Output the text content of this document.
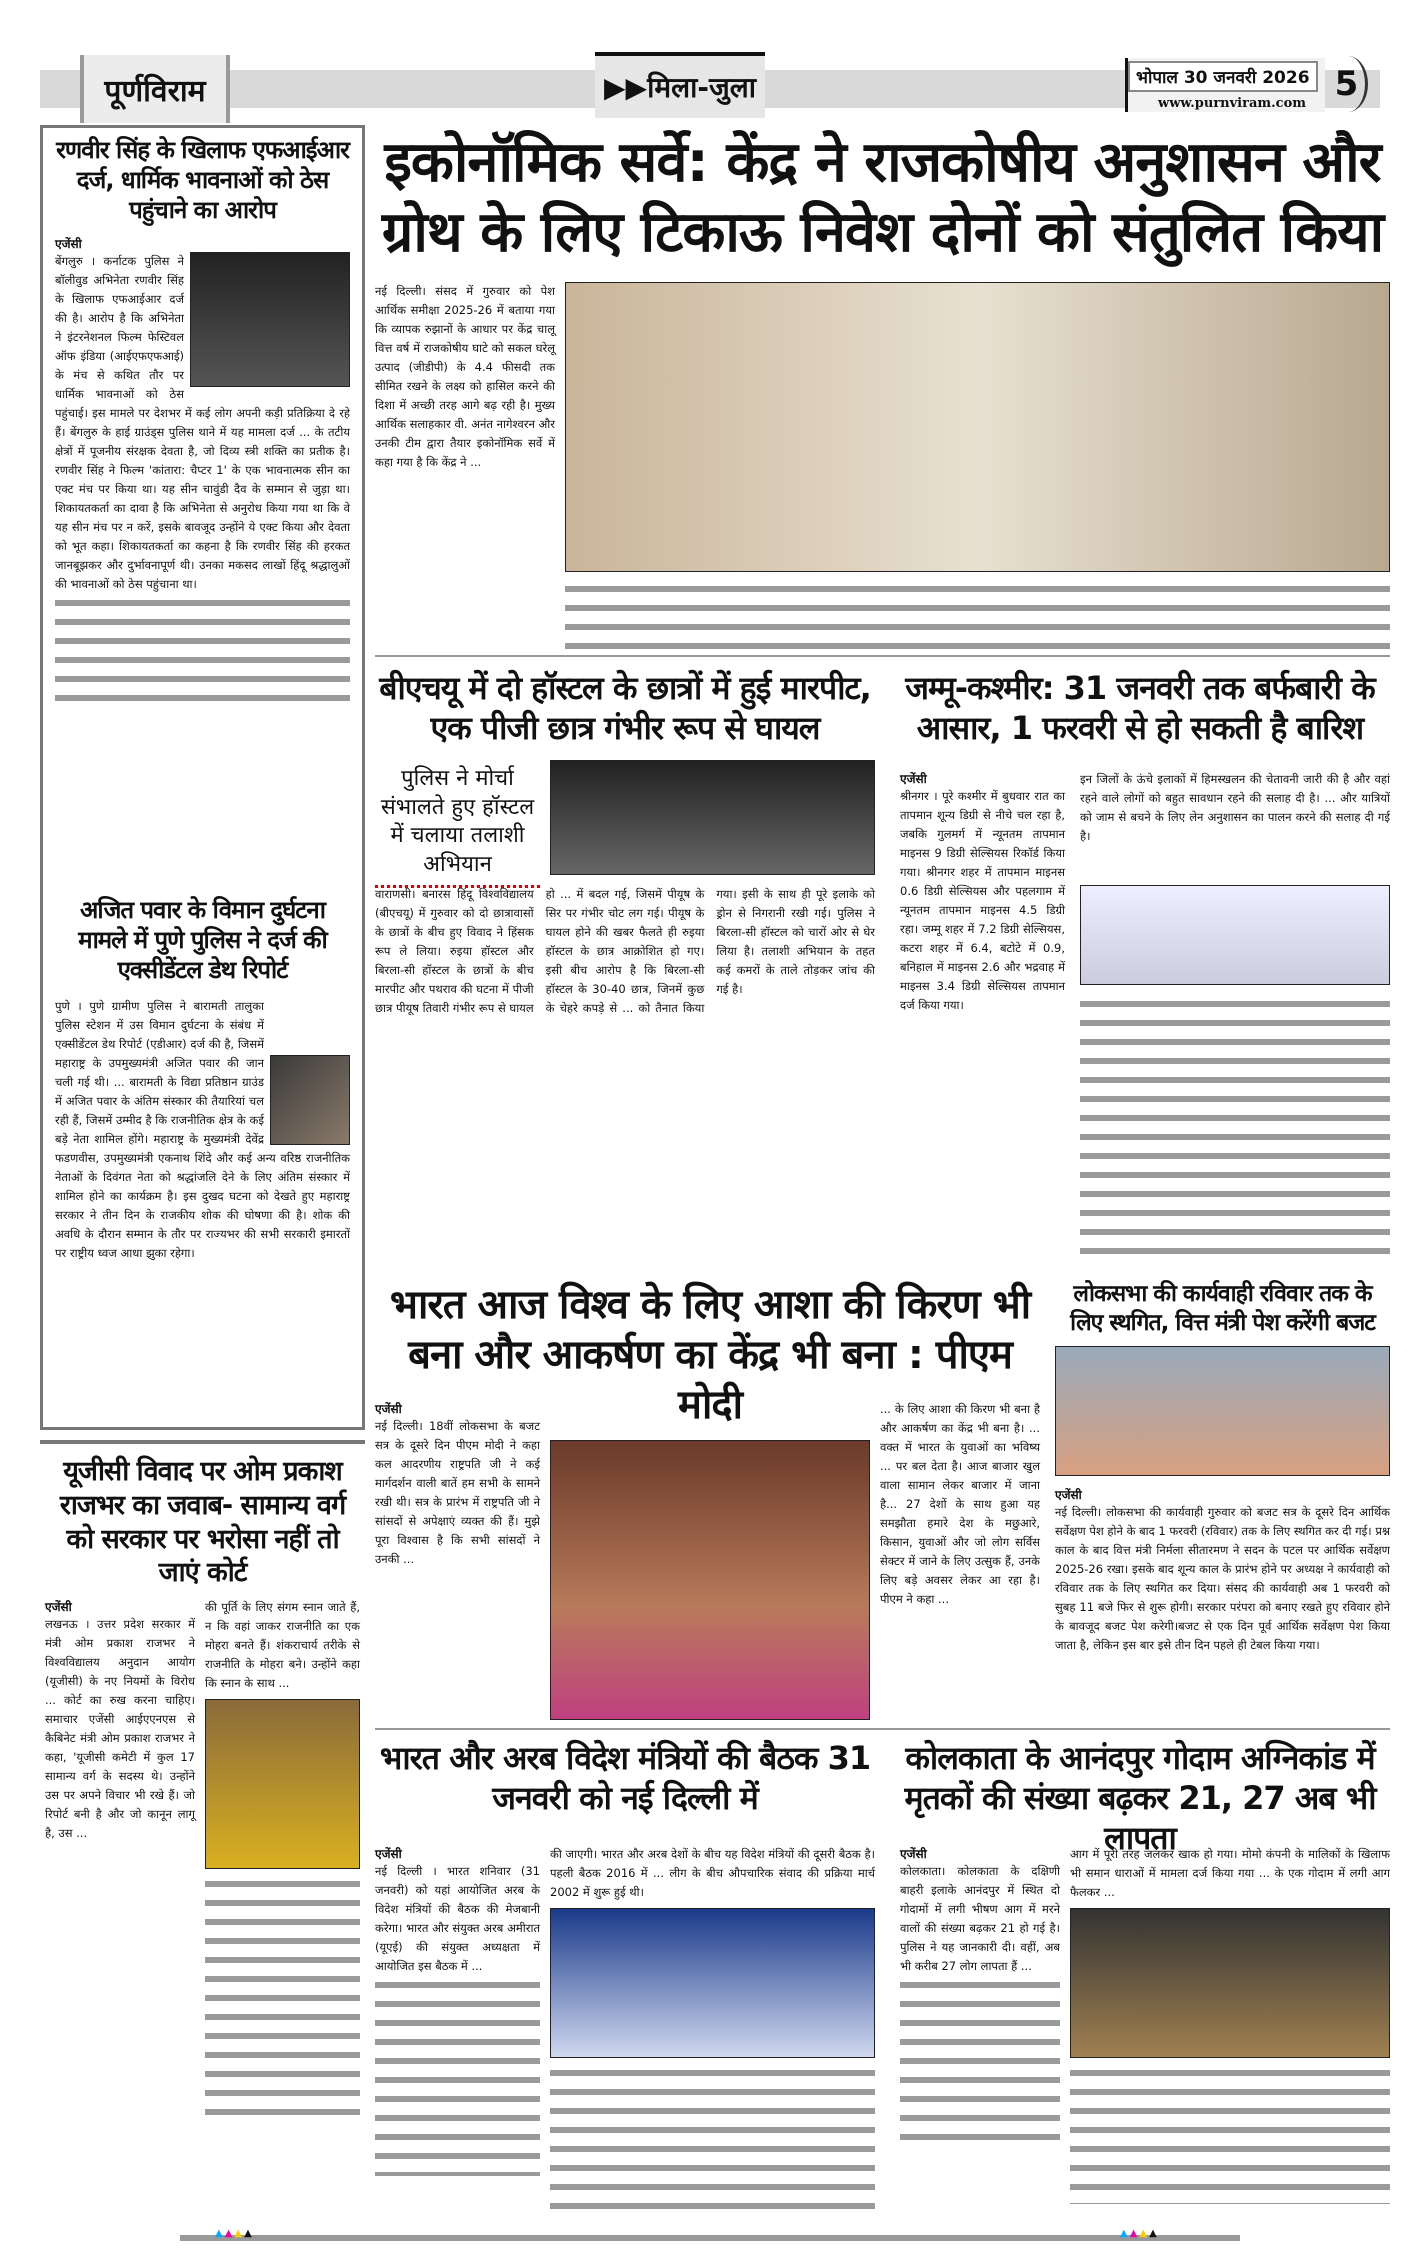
पूर्णविराम	▶▶ मिला-जुला	भोपाल 30 जनवरी 2026
www.purnviram.com 5
रणवीर सिंह के खिलाफ एफआईआर दर्ज, धार्मिक भावनाओं को ठेस पहुंचाने का आरोप
एजेंसी

बेंगलुरु । कर्नाटक पुलिस ने बॉलीवुड अभिनेता रणवीर सिंह के खिलाफ एफआईआर दर्ज की है। आरोप है कि अभिनेता ने इंटरनेशनल फिल्म फेस्टिवल ऑफ इंडिया (आईएफएफआई) के मंच से कथित तौर पर धार्मिक भावनाओं को ठेस पहुंचाई। इस मामले पर देशभर में कई लोग अपनी कड़ी प्रतिक्रिया दे रहे हैं। बेंगलुरु के हाई ग्राउंड्स पुलिस थाने में यह मामला दर्ज ... के तटीय क्षेत्रों में पूजनीय संरक्षक देवता है, जो दिव्य स्त्री शक्ति का प्रतीक है। रणवीर सिंह ने फिल्म 'कांतारा: चैप्टर 1' के एक भावनात्मक सीन का एक्ट मंच पर किया था। यह सीन चावुंडी दैव के सम्मान से जुड़ा था। शिकायतकर्ता का दावा है कि अभिनेता से अनुरोध किया गया था कि वे यह सीन मंच पर न करें, इसके बावजूद उन्होंने ये एक्ट किया और देवता को भूत कहा। शिकायतकर्ता का कहना है कि रणवीर सिंह की हरकत जानबूझकर और दुर्भावनापूर्ण थी। उनका मकसद लाखों हिंदू श्रद्धालुओं की भावनाओं को ठेस पहुंचाना था।

अजित पवार के विमान दुर्घटना मामले में पुणे पुलिस ने दर्ज की एक्सीडेंटल डेथ रिपोर्ट

पुणे । पुणे ग्रामीण पुलिस ने बारामती तालुका पुलिस स्टेशन में उस विमान दुर्घटना के संबंध में एक्सीडेंटल डेथ रिपोर्ट (एडीआर) दर्ज की है, जिसमें महाराष्ट्र के उपमुख्यमंत्री अजित पवार की जान चली गई थी। ... बारामती के विद्या प्रतिष्ठान ग्राउंड में अजित पवार के अंतिम संस्कार की तैयारियां चल रही हैं, जिसमें उम्मीद है कि राजनीतिक क्षेत्र के कई बड़े नेता शामिल होंगे। महाराष्ट्र के मुख्यमंत्री देवेंद्र फडणवीस, उपमुख्यमंत्री एकनाथ शिंदे और कई अन्य वरिष्ठ राजनीतिक नेताओं के दिवंगत नेता को श्रद्धांजलि देने के लिए अंतिम संस्कार में शामिल होने का कार्यक्रम है। इस दुखद घटना को देखते हुए महाराष्ट्र सरकार ने तीन दिन के राजकीय शोक की घोषणा की है। शोक की अवधि के दौरान सम्मान के तौर पर राज्यभर की सभी सरकारी इमारतों पर राष्ट्रीय ध्वज आधा झुका रहेगा।

यूजीसी विवाद पर ओम प्रकाश राजभर का जवाब- सामान्य वर्ग को सरकार पर भरोसा नहीं तो जाएं कोर्ट
एजेंसी

लखनऊ । उत्तर प्रदेश सरकार में मंत्री ओम प्रकाश राजभर ने विश्वविद्यालय अनुदान आयोग (यूजीसी) के नए नियमों के विरोध ... कोर्ट का रुख करना चाहिए। समाचार एजेंसी आईएएनएस से कैबिनेट मंत्री ओम प्रकाश राजभर ने कहा, 'यूजीसी कमेटी में कुल 17 सामान्य वर्ग के सदस्य थे। उन्होंने उस पर अपने विचार भी रखे हैं। जो रिपोर्ट बनी है और जो कानून लागू है, उस ...

की पूर्ति के लिए संगम स्नान जाते हैं, न कि वहां जाकर राजनीति का एक मोहरा बनते हैं। शंकराचार्य तरीके से राजनीति के मोहरा बने। उन्होंने कहा कि स्नान के साथ ...

इकोनॉमिक सर्वे: केंद्र ने राजकोषीय अनुशासन और ग्रोथ के लिए टिकाऊ निवेश दोनों को संतुलित किया

नई दिल्ली। संसद में गुरुवार को पेश आर्थिक समीक्षा 2025-26 में बताया गया कि व्यापक रुझानों के आधार पर केंद्र चालू वित्त वर्ष में राजकोषीय घाटे को सकल घरेलू उत्पाद (जीडीपी) के 4.4 फीसदी तक सीमित रखने के लक्ष्य को हासिल करने की दिशा में अच्छी तरह आगे बढ़ रही है। मुख्य आर्थिक सलाहकार वी. अनंत नागेश्वरन और उनकी टीम द्वारा तैयार इकोनॉमिक सर्वे में कहा गया है कि केंद्र ने ...

बीएचयू में दो हॉस्टल के छात्रों में हुई मारपीट, एक पीजी छात्र गंभीर रूप से घायल
पुलिस ने मोर्चा संभालते हुए हॉस्टल में चलाया तलाशी अभियान

वाराणसी। बनारस हिंदू विश्वविद्यालय (बीएचयू) में गुरुवार को दो छात्रावासों के छात्रों के बीच हुए विवाद ने हिंसक रूप ले लिया। रुइया हॉस्टल और बिरला-सी हॉस्टल के छात्रों के बीच मारपीट और पथराव की घटना में पीजी छात्र पीयूष तिवारी गंभीर रूप से घायल हो ... में बदल गई, जिसमें पीयूष के सिर पर गंभीर चोट लग गई। पीयूष के घायल होने की खबर फैलते ही रुइया हॉस्टल के छात्र आक्रोशित हो गए। इसी बीच आरोप है कि बिरला-सी हॉस्टल के 30-40 छात्र, जिनमें कुछ के चेहरे कपड़े से ... को तैनात किया गया। इसी के साथ ही पूरे इलाके को ड्रोन से निगरानी रखी गई। पुलिस ने बिरला-सी हॉस्टल को चारों ओर से घेर लिया है। तलाशी अभियान के तहत कई कमरों के ताले तोड़कर जांच की गई है।

जम्मू-कश्मीर: 31 जनवरी तक बर्फबारी के आसार, 1 फरवरी से हो सकती है बारिश
एजेंसी

श्रीनगर । पूरे कश्मीर में बुधवार रात का तापमान शून्य डिग्री से नीचे चल रहा है, जबकि गुलमर्ग में न्यूनतम तापमान माइनस 9 डिग्री सेल्सियस रिकॉर्ड किया गया। श्रीनगर शहर में तापमान माइनस 0.6 डिग्री सेल्सियस और पहलगाम में न्यूनतम तापमान माइनस 4.5 डिग्री रहा। जम्मू शहर में 7.2 डिग्री सेल्सियस, कटरा शहर में 6.4, बटोटे में 0.9, बनिहाल में माइनस 2.6 और भद्रवाह में माइनस 3.4 डिग्री सेल्सियस तापमान दर्ज किया गया।

इन जिलों के ऊंचे इलाकों में हिमस्खलन की चेतावनी जारी की है और वहां रहने वाले लोगों को बहुत सावधान रहने की सलाह दी है। ... और यात्रियों को जाम से बचने के लिए लेन अनुशासन का पालन करने की सलाह दी गई है।

भारत आज विश्व के लिए आशा की किरण भी बना और आकर्षण का केंद्र भी बना : पीएम मोदी
एजेंसी

नई दिल्ली। 18वीं लोकसभा के बजट सत्र के दूसरे दिन पीएम मोदी ने कहा कल आदरणीय राष्ट्रपति जी ने कई मार्गदर्शन वाली बातें हम सभी के सामने रखी थी। सत्र के प्रारंभ में राष्ट्रपति जी ने सांसदों से अपेक्षाएं व्यक्त की हैं। मुझे पूरा विश्वास है कि सभी सांसदों ने उनकी ...

... के लिए आशा की किरण भी बना है और आकर्षण का केंद्र भी बना है। ... वक्त में भारत के युवाओं का भविष्य ... पर बल देता है। आज बाजार खुल वाला सामान लेकर बाजार में जाना है... 27 देशों के साथ हुआ यह समझौता हमारे देश के मछुआरे, किसान, युवाओं और जो लोग सर्विस सेक्टर में जाने के लिए उत्सुक हैं, उनके लिए बड़े अवसर लेकर आ रहा है। पीएम ने कहा ...

लोकसभा की कार्यवाही रविवार तक के लिए स्थगित, वित्त मंत्री पेश करेंगी बजट
एजेंसी

नई दिल्ली। लोकसभा की कार्यवाही गुरुवार को बजट सत्र के दूसरे दिन आर्थिक सर्वेक्षण पेश होने के बाद 1 फरवरी (रविवार) तक के लिए स्थगित कर दी गई। प्रश्न काल के बाद वित्त मंत्री निर्मला सीतारमण ने सदन के पटल पर आर्थिक सर्वेक्षण 2025-26 रखा। इसके बाद शून्य काल के प्रारंभ होने पर अध्यक्ष ने कार्यवाही को रविवार तक के लिए स्थगित कर दिया। संसद की कार्यवाही अब 1 फरवरी को सुबह 11 बजे फिर से शुरू होगी। सरकार परंपरा को बनाए रखते हुए रविवार होने के बावजूद बजट पेश करेगी।बजट से एक दिन पूर्व आर्थिक सर्वेक्षण पेश किया जाता है, लेकिन इस बार इसे तीन दिन पहले ही टेबल किया गया।

भारत और अरब विदेश मंत्रियों की बैठक 31 जनवरी को नई दिल्ली में
एजेंसी

नई दिल्ली । भारत शनिवार (31 जनवरी) को यहां आयोजित अरब के विदेश मंत्रियों की बैठक की मेजबानी करेगा। भारत और संयुक्त अरब अमीरात (यूएई) की संयुक्त अध्यक्षता में आयोजित इस बैठक में ...

की जाएगी। भारत और अरब देशों के बीच यह विदेश मंत्रियों की दूसरी बैठक है। पहली बैठक 2016 में ... लीग के बीच औपचारिक संवाद की प्रक्रिया मार्च 2002 में शुरू हुई थी।

कोलकाता के आनंदपुर गोदाम अग्निकांड में मृतकों की संख्या बढ़कर 21, 27 अब भी लापता
एजेंसी

कोलकाता। कोलकाता के दक्षिणी बाहरी इलाके आनंदपुर में स्थित दो गोदामों में लगी भीषण आग में मरने वालों की संख्या बढ़कर 21 हो गई है। पुलिस ने यह जानकारी दी। वहीं, अब भी करीब 27 लोग लापता हैं ...

आग में पूरी तरह जलकर खाक हो गया। मोमो कंपनी के मालिकों के खिलाफ भी समान धाराओं में मामला दर्ज किया गया ... के एक गोदाम में लगी आग फैलकर ...

▲▲▲▲	▲▲▲▲
